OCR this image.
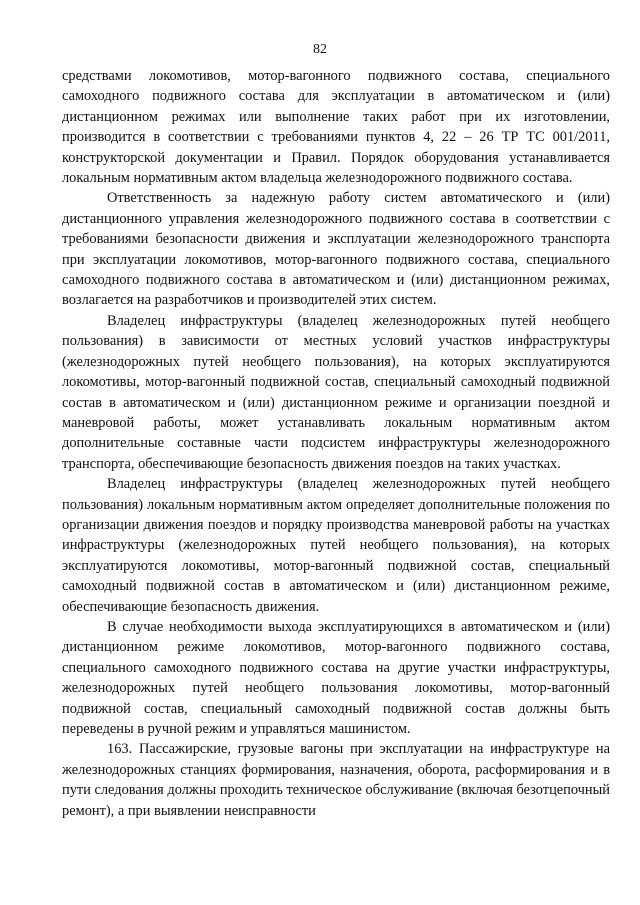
82

средствами локомотивов, мотор-вагонного подвижного состава, специального самоходного подвижного состава для эксплуатации в автоматическом и (или) дистанционном режимах или выполнение таких работ при их изготовлении, производится в соответствии с требованиями пунктов 4, 22 – 26 ТР ТС 001/2011, конструкторской документации и Правил. Порядок оборудования устанавливается локальным нормативным актом владельца железнодорожного подвижного состава.

Ответственность за надежную работу систем автоматического и (или) дистанционного управления железнодорожного подвижного состава в соответствии с требованиями безопасности движения и эксплуатации железнодорожного транспорта при эксплуатации локомотивов, мотор-вагонного подвижного состава, специального самоходного подвижного состава в автоматическом и (или) дистанционном режимах, возлагается на разработчиков и производителей этих систем.

Владелец инфраструктуры (владелец железнодорожных путей необщего пользования) в зависимости от местных условий участков инфраструктуры (железнодорожных путей необщего пользования), на которых эксплуатируются локомотивы, мотор-вагонный подвижной состав, специальный самоходный подвижной состав в автоматическом и (или) дистанционном режиме и организации поездной и маневровой работы, может устанавливать локальным нормативным актом дополнительные составные части подсистем инфраструктуры железнодорожного транспорта, обеспечивающие безопасность движения поездов на таких участках.

Владелец инфраструктуры (владелец железнодорожных путей необщего пользования) локальным нормативным актом определяет дополнительные положения по организации движения поездов и порядку производства маневровой работы на участках инфраструктуры (железнодорожных путей необщего пользования), на которых эксплуатируются локомотивы, мотор-вагонный подвижной состав, специальный самоходный подвижной состав в автоматическом и (или) дистанционном режиме, обеспечивающие безопасность движения.

В случае необходимости выхода эксплуатирующихся в автоматическом и (или) дистанционном режиме локомотивов, мотор-вагонного подвижного состава, специального самоходного подвижного состава на другие участки инфраструктуры, железнодорожных путей необщего пользования локомотивы, мотор-вагонный подвижной состав, специальный самоходный подвижной состав должны быть переведены в ручной режим и управляться машинистом.

163. Пассажирские, грузовые вагоны при эксплуатации на инфраструктуре на железнодорожных станциях формирования, назначения, оборота, расформирования и в пути следования должны проходить техническое обслуживание (включая безотцепочный ремонт), а при выявлении неисправности
